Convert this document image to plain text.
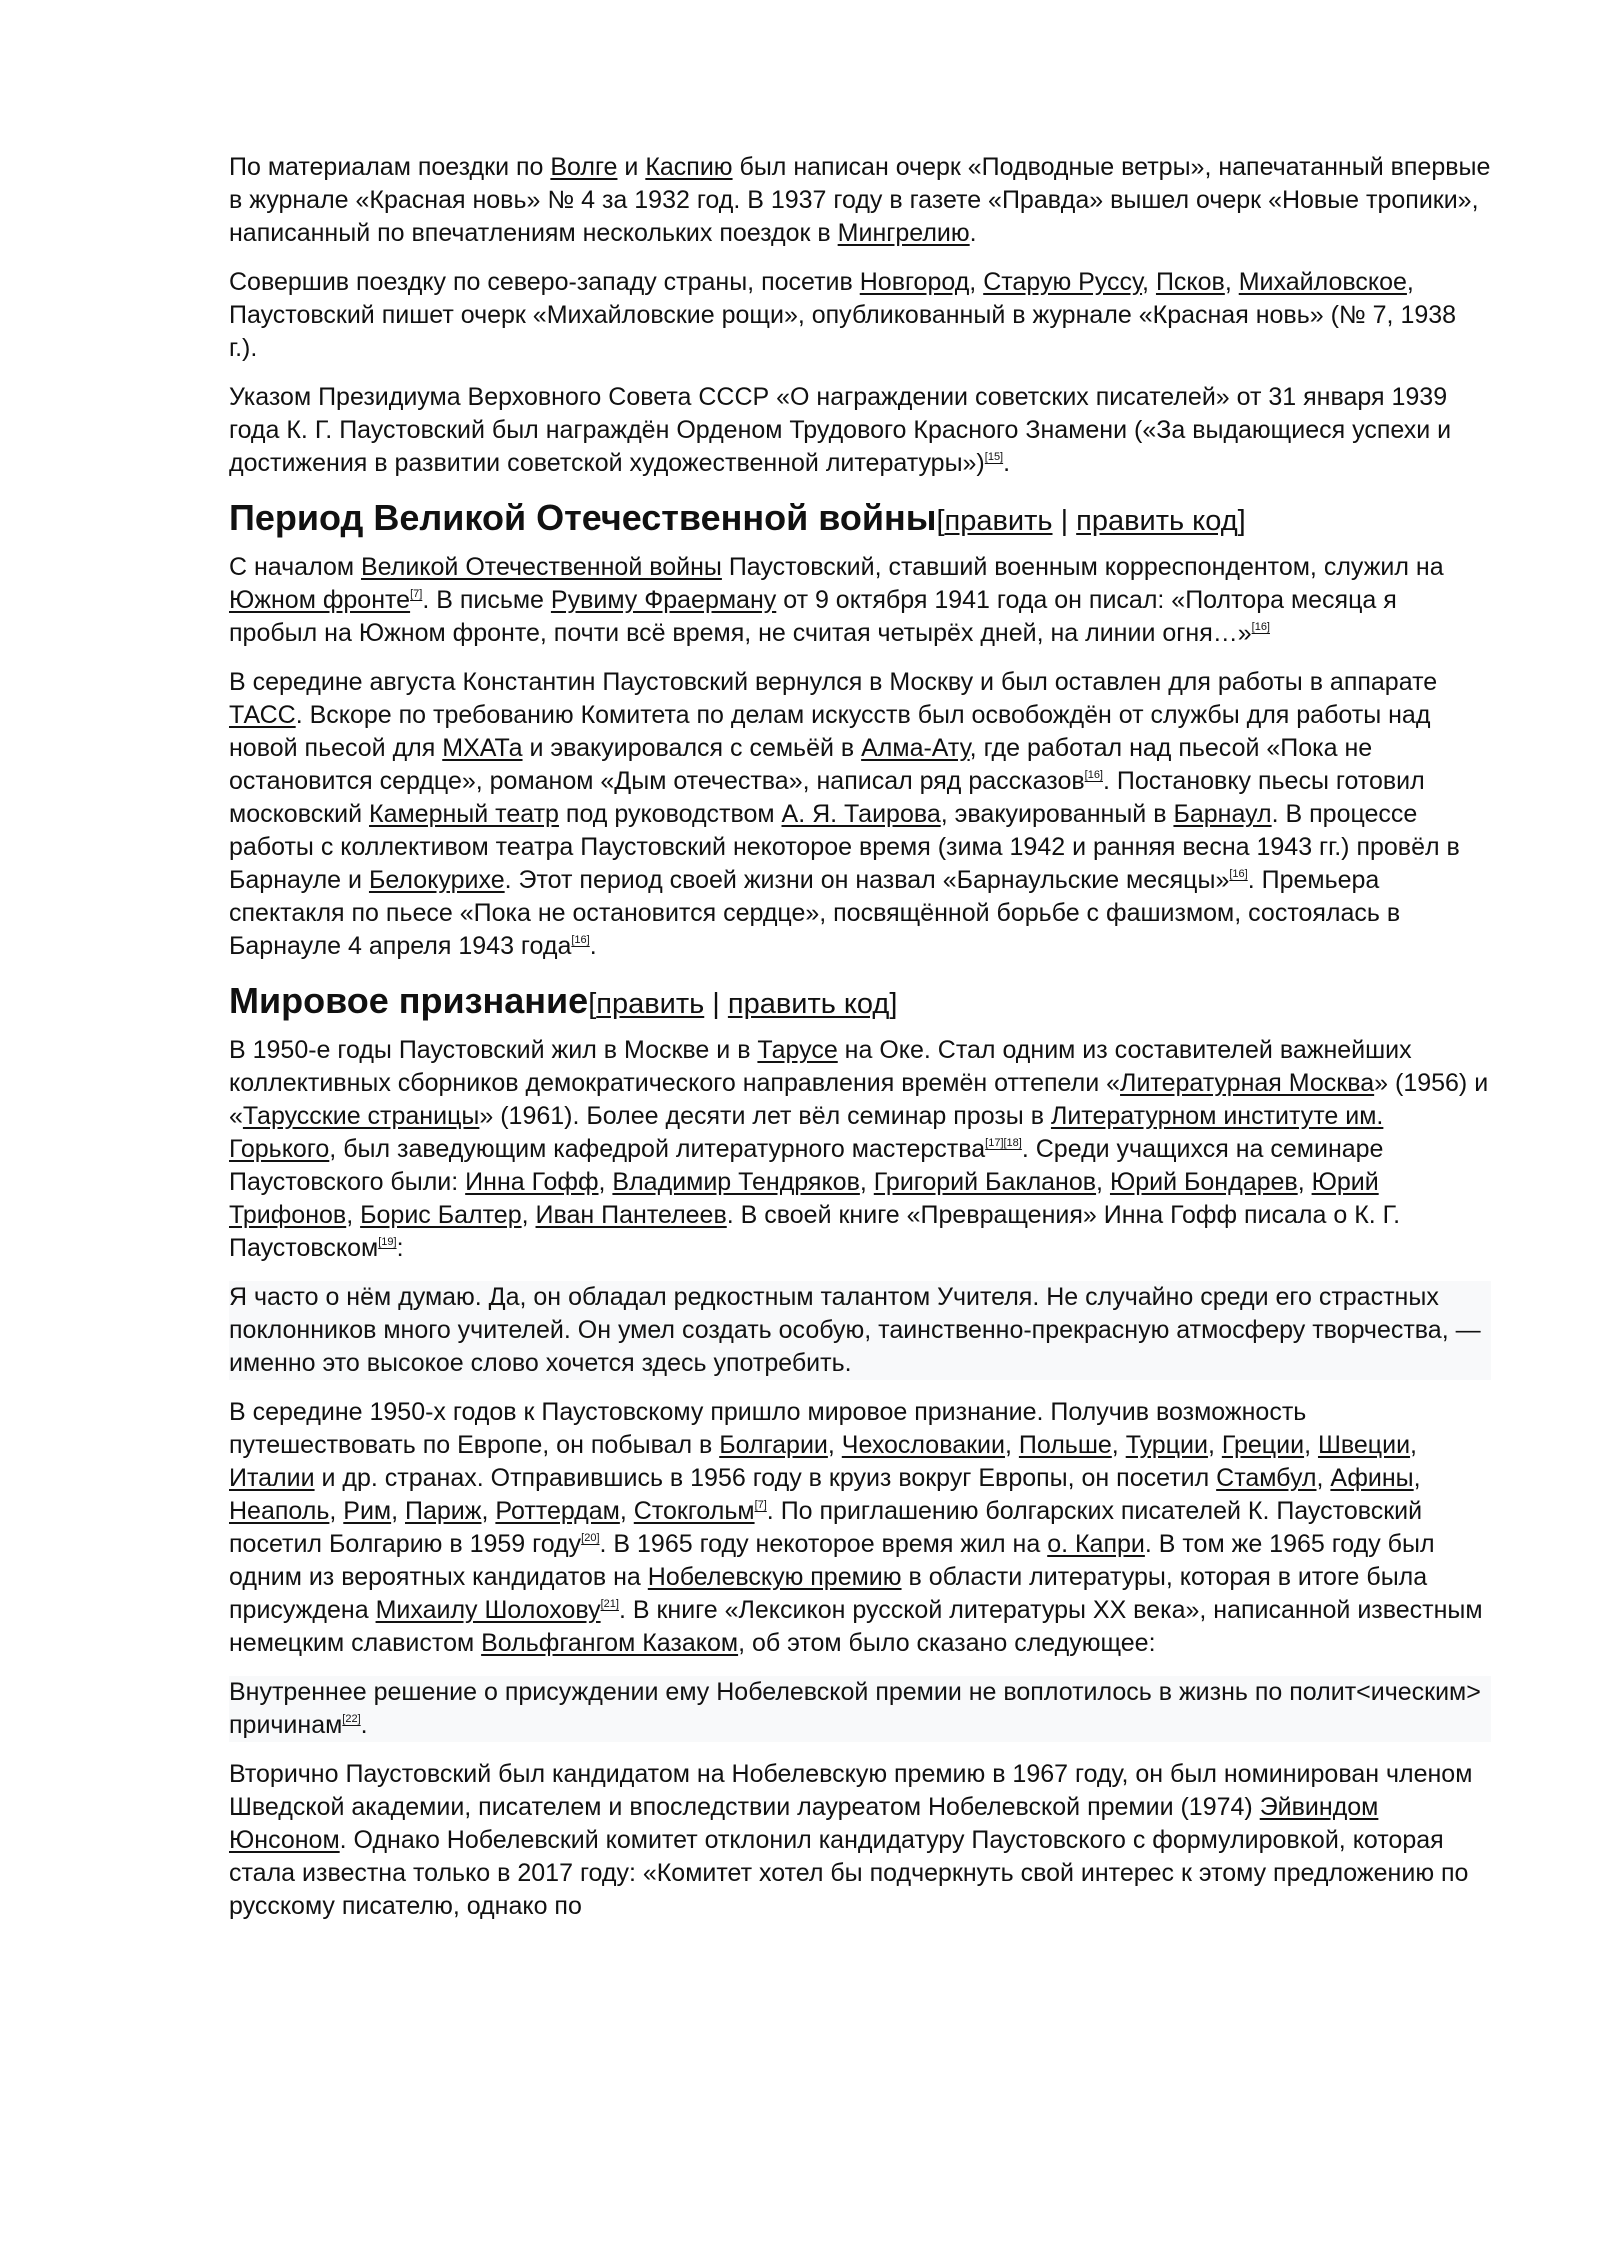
По материалам поездки по Волге и Каспию был написан очерк «Подводные ветры», напечатанный впервые в журнале «Красная новь» № 4 за 1932 год. В 1937 году в газете «Правда» вышел очерк «Новые тропики», написанный по впечатлениям нескольких поездок в Мингрелию.

Совершив поездку по северо-западу страны, посетив Новгород, Старую Руссу, Псков, Михайловское, Паустовский пишет очерк «Михайловские рощи», опубликованный в журнале «Красная новь» (№ 7, 1938 г.).

Указом Президиума Верховного Совета СССР «О награждении советских писателей» от 31 января 1939 года К. Г. Паустовский был награждён Орденом Трудового Красного Знамени («За выдающиеся успехи и достижения в развитии советской художественной литературы»)[15].

Период Великой Отечественной войны[править | править код]

С началом Великой Отечественной войны Паустовский, ставший военным корреспондентом, служил на Южном фронте[7]. В письме Рувиму Фраерману от 9 октября 1941 года он писал: «Полтора месяца я пробыл на Южном фронте, почти всё время, не считая четырёх дней, на линии огня…»[16]

В середине августа Константин Паустовский вернулся в Москву и был оставлен для работы в аппарате ТАСС. Вскоре по требованию Комитета по делам искусств был освобождён от службы для работы над новой пьесой для МХАТа и эвакуировался с семьёй в Алма-Ату, где работал над пьесой «Пока не остановится сердце», романом «Дым отечества», написал ряд рассказов[16]. Постановку пьесы готовил московский Камерный театр под руководством А. Я. Таирова, эвакуированный в Барнаул. В процессе работы с коллективом театра Паустовский некоторое время (зима 1942 и ранняя весна 1943 гг.) провёл в Барнауле и Белокурихе. Этот период своей жизни он назвал «Барнаульские месяцы»[16]. Премьера спектакля по пьесе «Пока не остановится сердце», посвящённой борьбе с фашизмом, состоялась в Барнауле 4 апреля 1943 года[16].

Мировое признание[править | править код]

В 1950-е годы Паустовский жил в Москве и в Тарусе на Оке. Стал одним из составителей важнейших коллективных сборников демократического направления времён оттепели «Литературная Москва» (1956) и «Тарусские страницы» (1961). Более десяти лет вёл семинар прозы в Литературном институте им. Горького, был заведующим кафедрой литературного мастерства[17][18]. Среди учащихся на семинаре Паустовского были: Инна Гофф, Владимир Тендряков, Григорий Бакланов, Юрий Бондарев, Юрий Трифонов, Борис Балтер, Иван Пантелеев. В своей книге «Превращения» Инна Гофф писала о К. Г. Паустовском[19]:

Я часто о нём думаю. Да, он обладал редкостным талантом Учителя. Не случайно среди его страстных поклонников много учителей. Он умел создать особую, таинственно-прекрасную атмосферу творчества, — именно это высокое слово хочется здесь употребить.

В середине 1950-х годов к Паустовскому пришло мировое признание. Получив возможность путешествовать по Европе, он побывал в Болгарии, Чехословакии, Польше, Турции, Греции, Швеции, Италии и др. странах. Отправившись в 1956 году в круиз вокруг Европы, он посетил Стамбул, Афины, Неаполь, Рим, Париж, Роттердам, Стокгольм[7]. По приглашению болгарских писателей К. Паустовский посетил Болгарию в 1959 году[20]. В 1965 году некоторое время жил на о. Капри. В том же 1965 году был одним из вероятных кандидатов на Нобелевскую премию в области литературы, которая в итоге была присуждена Михаилу Шолохову[21]. В книге «Лексикон русской литературы XX века», написанной известным немецким славистом Вольфгангом Казаком, об этом было сказано следующее:

Внутреннее решение о присуждении ему Нобелевской премии не воплотилось в жизнь по полит<ическим> причинам[22].

Вторично Паустовский был кандидатом на Нобелевскую премию в 1967 году, он был номинирован членом Шведской академии, писателем и впоследствии лауреатом Нобелевской премии (1974) Эйвиндом Юнсоном. Однако Нобелевский комитет отклонил кандидатуру Паустовского с формулировкой, которая стала известна только в 2017 году: «Комитет хотел бы подчеркнуть свой интерес к этому предложению по русскому писателю, однако по
